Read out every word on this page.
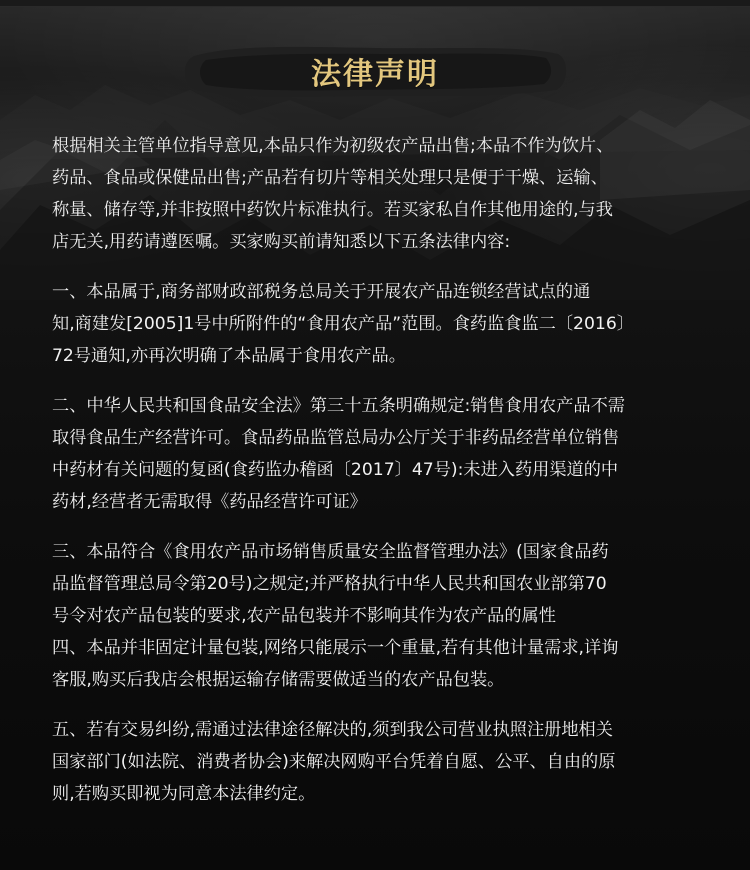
法律声明
根据相关主管单位指导意见,本品只作为初级农产品出售;本品不作为饮片、
药品、食品或保健品出售;产品若有切片等相关处理只是便于干燥、运输、
称量、储存等,并非按照中药饮片标准执行。若买家私自作其他用途的,与我
店无关,用药请遵医嘱。买家购买前请知悉以下五条法律内容:
一、本品属于,商务部财政部税务总局关于开展农产品连锁经营试点的通
知,商建发[2005]1号中所附件的“食用农产品”范围。食药监食监二〔2016〕
72号通知,亦再次明确了本品属于食用农产品。
二、中华人民共和国食品安全法》第三十五条明确规定:销售食用农产品不需
取得食品生产经营许可。食品药品监管总局办公厅关于非药品经营单位销售
中药材有关问题的复函(食药监办稽函〔2017〕47号):未进入药用渠道的中
药材,经营者无需取得《药品经营许可证》
三、本品符合《食用农产品市场销售质量安全监督管理办法》(国家食品药
品监督管理总局令第20号)之规定;并严格执行中华人民共和国农业部第70
号令对农产品包装的要求,农产品包装并不影响其作为农产品的属性
四、本品并非固定计量包装,网络只能展示一个重量,若有其他计量需求,详询
客服,购买后我店会根据运输存储需要做适当的农产品包装。
五、若有交易纠纷,需通过法律途径解决的,须到我公司营业执照注册地相关
国家部门(如法院、消费者协会)来解决网购平台凭着自愿、公平、自由的原
则,若购买即视为同意本法律约定。
